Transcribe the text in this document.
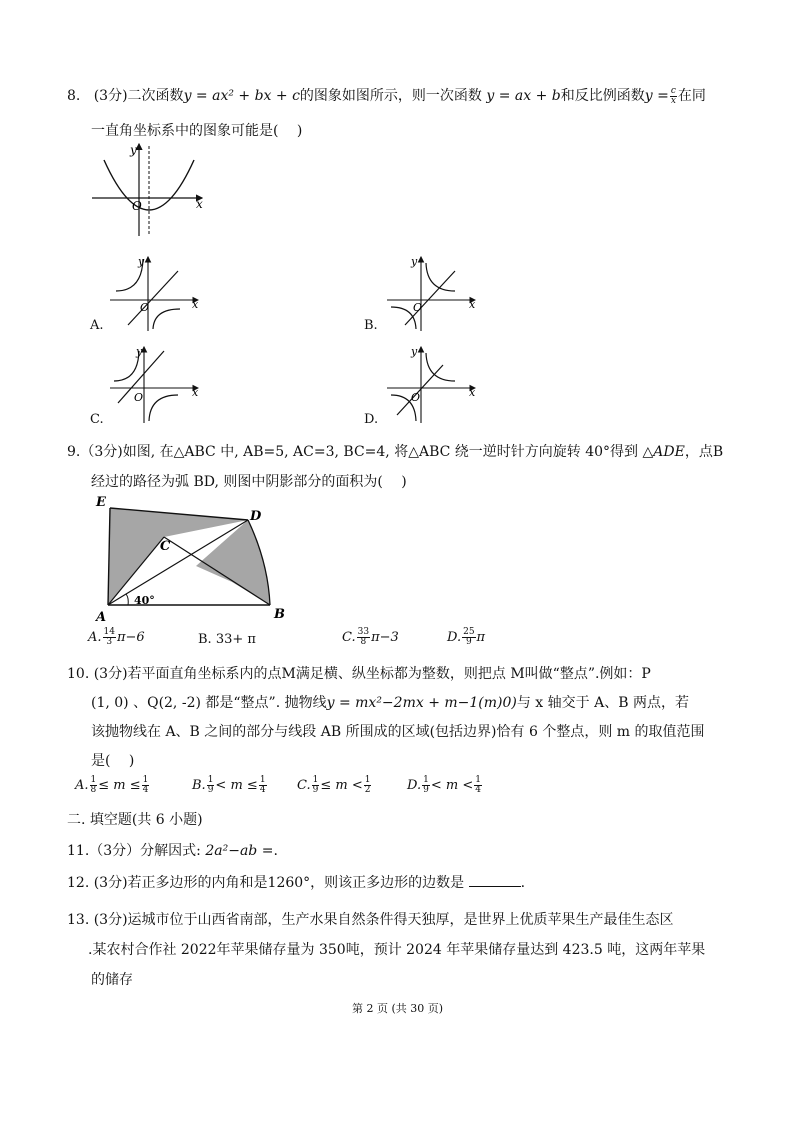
8. (3分)二次函数y = ax² + bx + c的图象如图所示，则一次函数 y = ax + b和反比例函数$y = \frac{c}{x}$ 在同
一直角坐标系中的图象可能是(　 )
y
x
O
y
x
O
A.
y
x
O
B.
y
x
O
C.
y
x
O
D.
9.（3分)如图, 在△ABC 中, AB=5, AC=3, BC=4, 将△ABC 绕一逆时针方向旋转 40°得到 △ADE，点B
经过的路径为弧 BD, 则图中阴影部分的面积为(　 )
E
D
C
A	B
40°
A. $\frac{14}{3} \pi-6$	B. 33+ π	C. $\frac{33}{8} \pi-3$	D. $\frac{25}{9}$ π
10. (3分)若平面直角坐标系内的点M满足横、纵坐标都为整数，则把点 M叫做“整点”.例如：P
(1, 0) 、Q(2, -2) 都是“整点”. 抛物线y = mx²−2mx + m−1(m)0)与 x 轴交于 A、B 两点，若
该抛物线在 A、B 之间的部分与线段 AB 所围成的区域(包括边界)恰有 6 个整点，则 m 的取值范围
是(　 )
A. $\frac{1}{8} \le m \le \frac{1}{4}$	B. $\frac{1}{9} < m \le \frac{1}{4} C$. $\frac{1}{9} \le m < \frac{1}{2}$	D. $\frac{1}{9} < m < \frac{1}{4}$
二. 填空题(共 6 小题)
11.（3分）分解因式: 2a²−ab =.
12. (3分)若正多边形的内角和是1260°，则该正多边形的边数是	.
13. (3分)运城市位于山西省南部，生产水果自然条件得天独厚，是世界上优质苹果生产最佳生态区
.某农村合作社 2022年苹果储存量为 350吨，预计 2024 年苹果储存量达到 423.5 吨，这两年苹果
的储存
第 2 页 (共 30 页)
